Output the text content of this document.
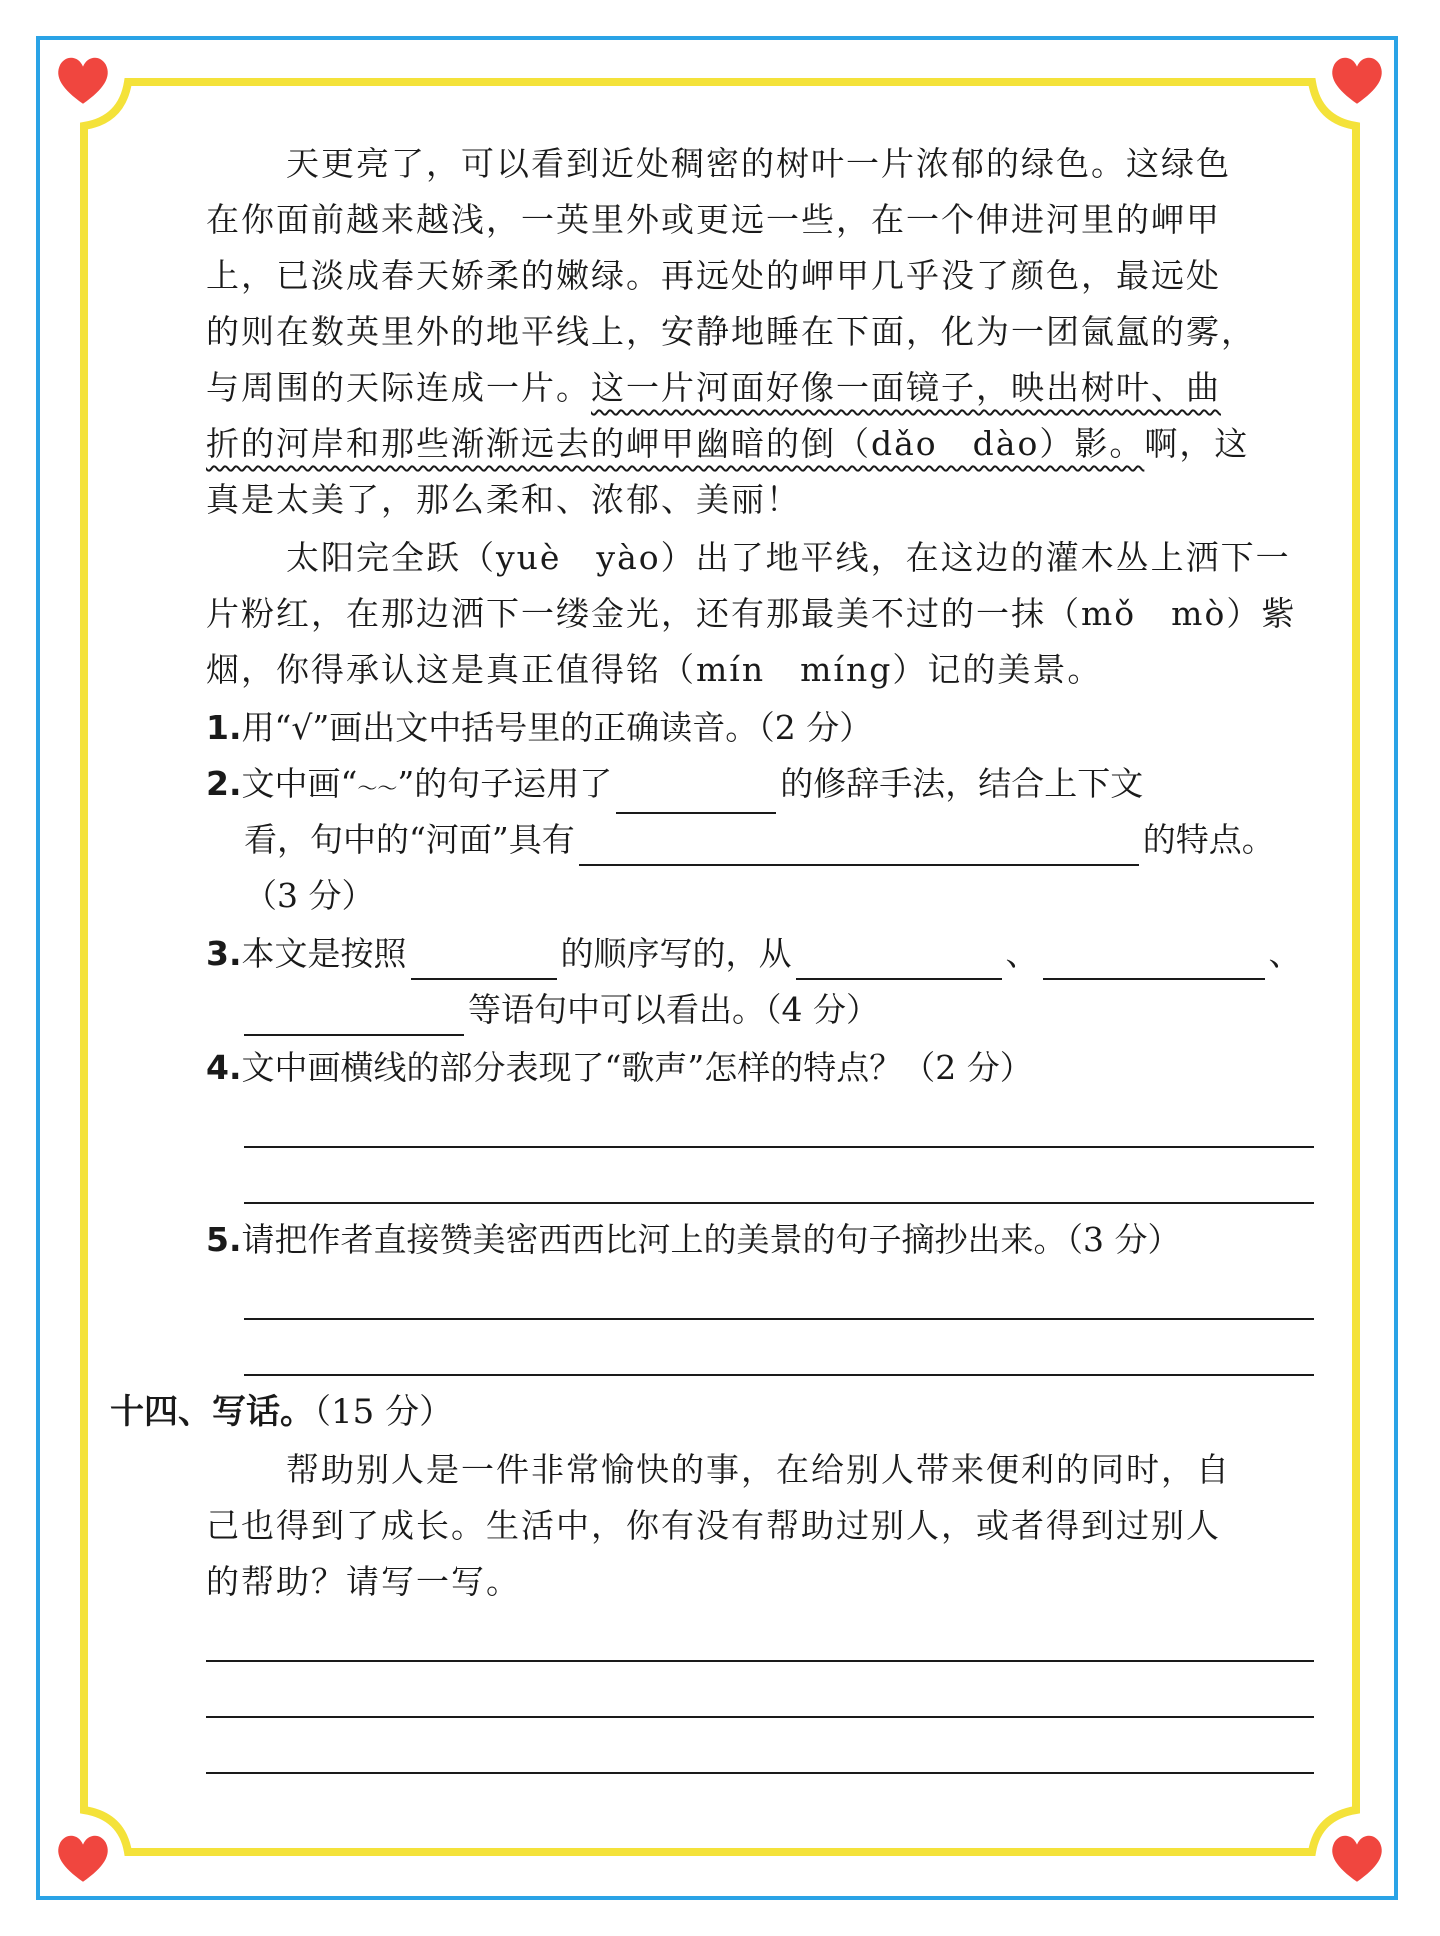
天更亮了，可以看到近处稠密的树叶一片浓郁的绿色。这绿色
在你面前越来越浅，一英里外或更远一些，在一个伸进河里的岬甲
上，已淡成春天娇柔的嫩绿。再远处的岬甲几乎没了颜色，最远处
的则在数英里外的地平线上，安静地睡在下面，化为一团氤氲的雾，
与周围的天际连成一片。这一片河面好像一面镜子，映出树叶、曲
折的河岸和那些渐渐远去的岬甲幽暗的倒（dǎo　dào）影。啊，这
真是太美了，那么柔和、浓郁、美丽！
太阳完全跃（yuè　yào）出了地平线，在这边的灌木丛上洒下一
片粉红，在那边洒下一缕金光，还有那最美不过的一抹（mǒ　mò）紫
烟，你得承认这是真正值得铭（mín　míng）记的美景。
1.用“√”画出文中括号里的正确读音。（2 分）
2.文中画“～～”的句子运用了	的修辞手法，结合上下文
看，句中的“河面”具有	的特点。
（3 分）
3.本文是按照	的顺序写的，从	、	、
等语句中可以看出。（4 分）
4.文中画横线的部分表现了“歌声”怎样的特点？（2 分）
5.请把作者直接赞美密西西比河上的美景的句子摘抄出来。（3 分）
十四、写话。（15 分）
帮助别人是一件非常愉快的事，在给别人带来便利的同时，自
己也得到了成长。生活中，你有没有帮助过别人，或者得到过别人
的帮助？请写一写。
